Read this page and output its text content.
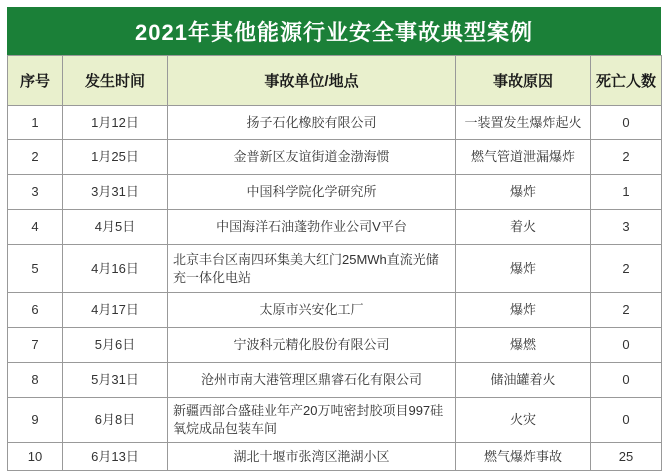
2021年其他能源行业安全事故典型案例
序号	发生时间	事故单位/地点	事故原因	死亡人数
1	1月12日	扬子石化橡胶有限公司	一装置发生爆炸起火	0
2	1月25日	金普新区友谊街道金渤海惯	燃气管道泄漏爆炸	2
3	3月31日	中国科学院化学研究所	爆炸	1
4	4月5日	中国海洋石油蓬勃作业公司V平台	着火	3
5	4月16日	北京丰台区南四环集美大红门25MWh直流光储充一体化电站	爆炸	2
6	4月17日	太原市兴安化工厂	爆炸	2
7	5月6日	宁波科元精化股份有限公司	爆燃	0
8	5月31日	沧州市南大港管理区鼎睿石化有限公司	储油罐着火	0
9	6月8日	新疆西部合盛硅业年产20万吨密封胶项目997硅氧烷成品包装车间	火灾	0
10	6月13日	湖北十堰市张湾区滟湖小区	燃气爆炸事故	25
